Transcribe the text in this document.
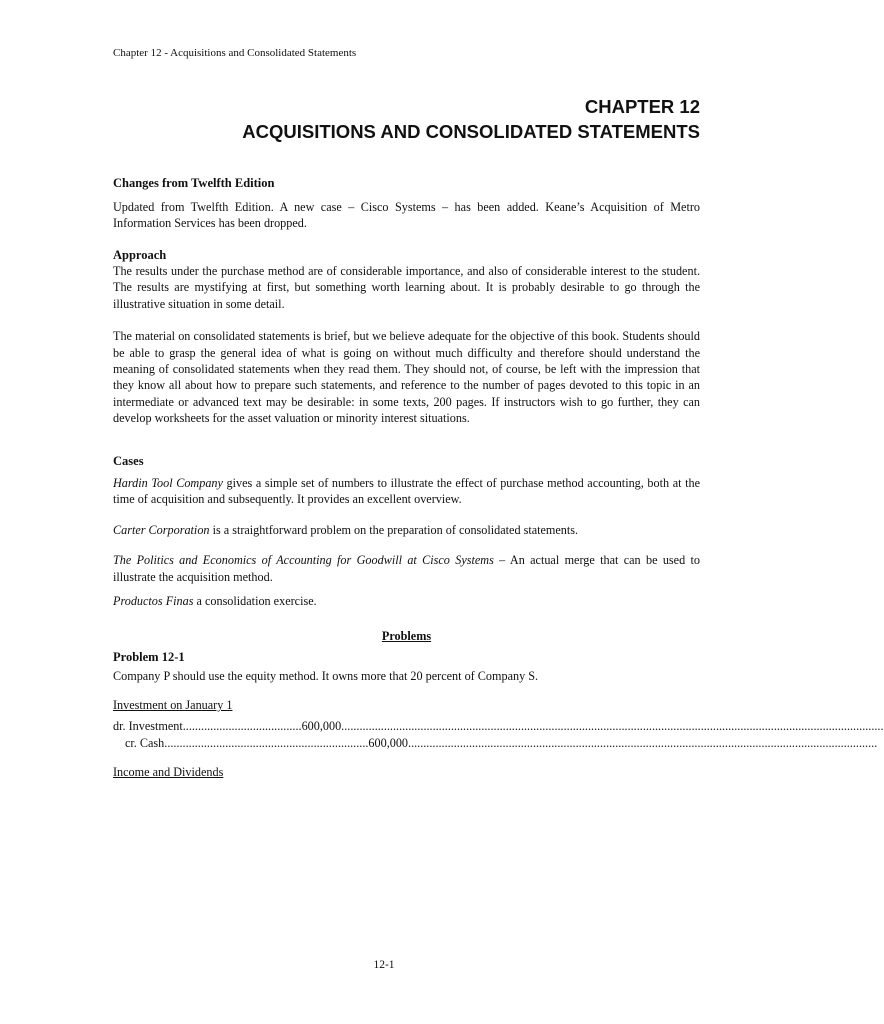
Chapter 12 - Acquisitions and Consolidated Statements
CHAPTER 12
ACQUISITIONS AND CONSOLIDATED STATEMENTS
Changes from Twelfth Edition

Updated from Twelfth Edition. A new case – Cisco Systems – has been added. Keane’s Acquisition of Metro Information Services has been dropped.

Approach

The results under the purchase method are of considerable importance, and also of considerable interest to the student. The results are mystifying at first, but something worth learning about. It is probably desirable to go through the illustrative situation in some detail.

The material on consolidated statements is brief, but we believe adequate for the objective of this book. Students should be able to grasp the general idea of what is going on without much difficulty and therefore should understand the meaning of consolidated statements when they read them. They should not, of course, be left with the impression that they know all about how to prepare such statements, and reference to the number of pages devoted to this topic in an intermediate or advanced text may be desirable: in some texts, 200 pages. If instructors wish to go further, they can develop worksheets for the asset valuation or minority interest situations.

Cases

Hardin Tool Company gives a simple set of numbers to illustrate the effect of purchase method accounting, both at the time of acquisition and subsequently. It provides an excellent overview.

Carter Corporation is a straightforward problem on the preparation of consolidated statements.

The Politics and Economics of Accounting for Goodwill at Cisco Systems – An actual merge that can be used to illustrate the acquisition method.

Productos Finas a consolidation exercise.

Problems
Problem 12-1

Company P should use the equity method. It owns more that 20 percent of Company S.

Investment on January 1
dr. Investment.......................................600,000..................................................................................................................................................................................
cr. Cash...................................................................600,000..........................................................................................................................................................
Income and Dividends
12-1
